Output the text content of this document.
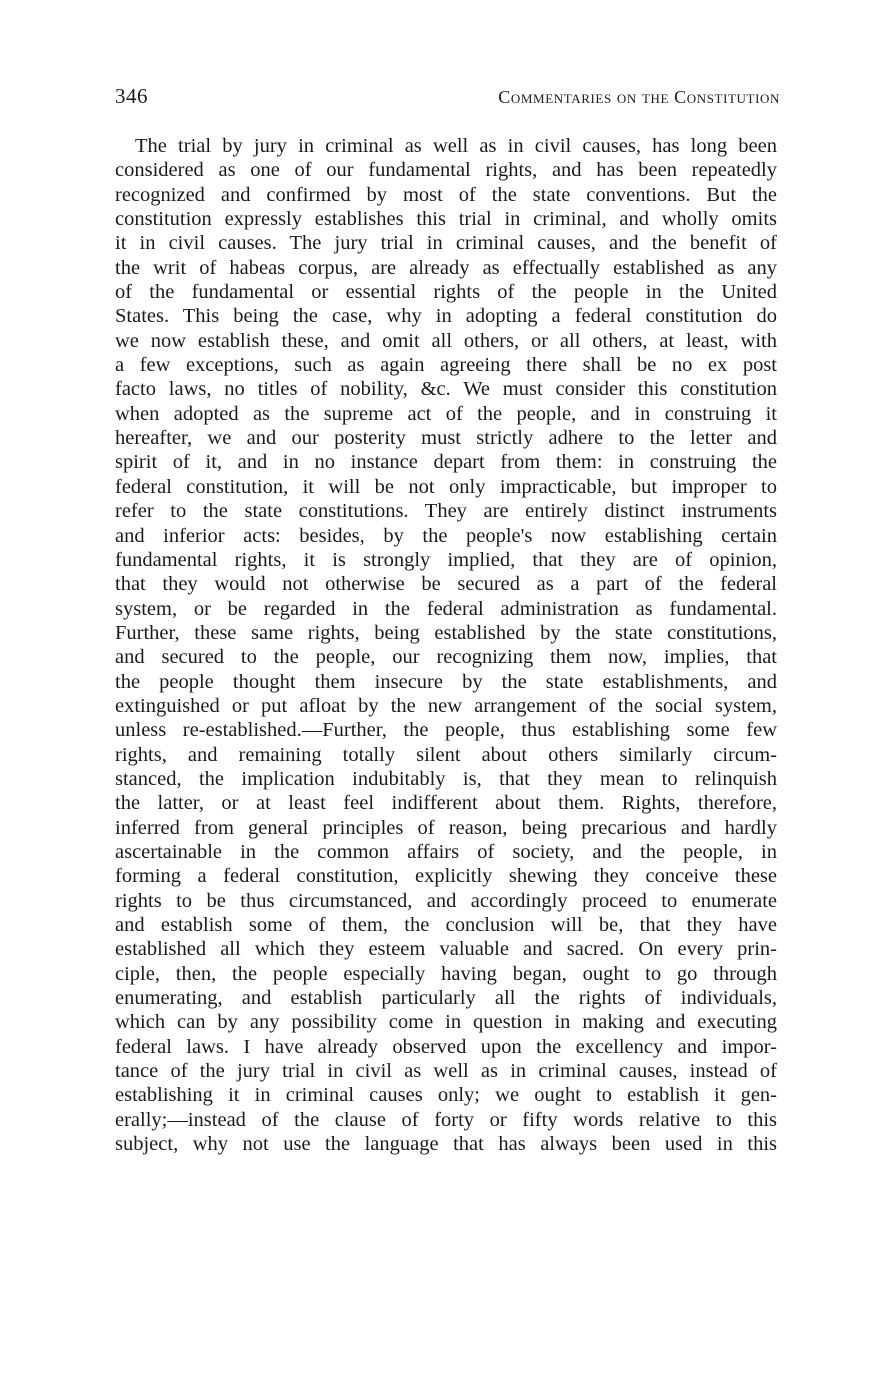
346	Commentaries on the Constitution
The trial by jury in criminal as well as in civil causes, has long been
considered as one of our fundamental rights, and has been repeatedly
recognized and confirmed by most of the state conventions. But the
constitution expressly establishes this trial in criminal, and wholly omits
it in civil causes. The jury trial in criminal causes, and the benefit of
the writ of habeas corpus, are already as effectually established as any
of the fundamental or essential rights of the people in the United
States. This being the case, why in adopting a federal constitution do
we now establish these, and omit all others, or all others, at least, with
a few exceptions, such as again agreeing there shall be no ex post
facto laws, no titles of nobility, &c. We must consider this constitution
when adopted as the supreme act of the people, and in construing it
hereafter, we and our posterity must strictly adhere to the letter and
spirit of it, and in no instance depart from them: in construing the
federal constitution, it will be not only impracticable, but improper to
refer to the state constitutions. They are entirely distinct instruments
and inferior acts: besides, by the people's now establishing certain
fundamental rights, it is strongly implied, that they are of opinion,
that they would not otherwise be secured as a part of the federal
system, or be regarded in the federal administration as fundamental.
Further, these same rights, being established by the state constitutions,
and secured to the people, our recognizing them now, implies, that
the people thought them insecure by the state establishments, and
extinguished or put afloat by the new arrangement of the social system,
unless re-established.—Further, the people, thus establishing some few
rights, and remaining totally silent about others similarly circum-
stanced, the implication indubitably is, that they mean to relinquish
the latter, or at least feel indifferent about them. Rights, therefore,
inferred from general principles of reason, being precarious and hardly
ascertainable in the common affairs of society, and the people, in
forming a federal constitution, explicitly shewing they conceive these
rights to be thus circumstanced, and accordingly proceed to enumerate
and establish some of them, the conclusion will be, that they have
established all which they esteem valuable and sacred. On every prin-
ciple, then, the people especially having began, ought to go through
enumerating, and establish particularly all the rights of individuals,
which can by any possibility come in question in making and executing
federal laws. I have already observed upon the excellency and impor-
tance of the jury trial in civil as well as in criminal causes, instead of
establishing it in criminal causes only; we ought to establish it gen-
erally;—instead of the clause of forty or fifty words relative to this
subject, why not use the language that has always been used in this
